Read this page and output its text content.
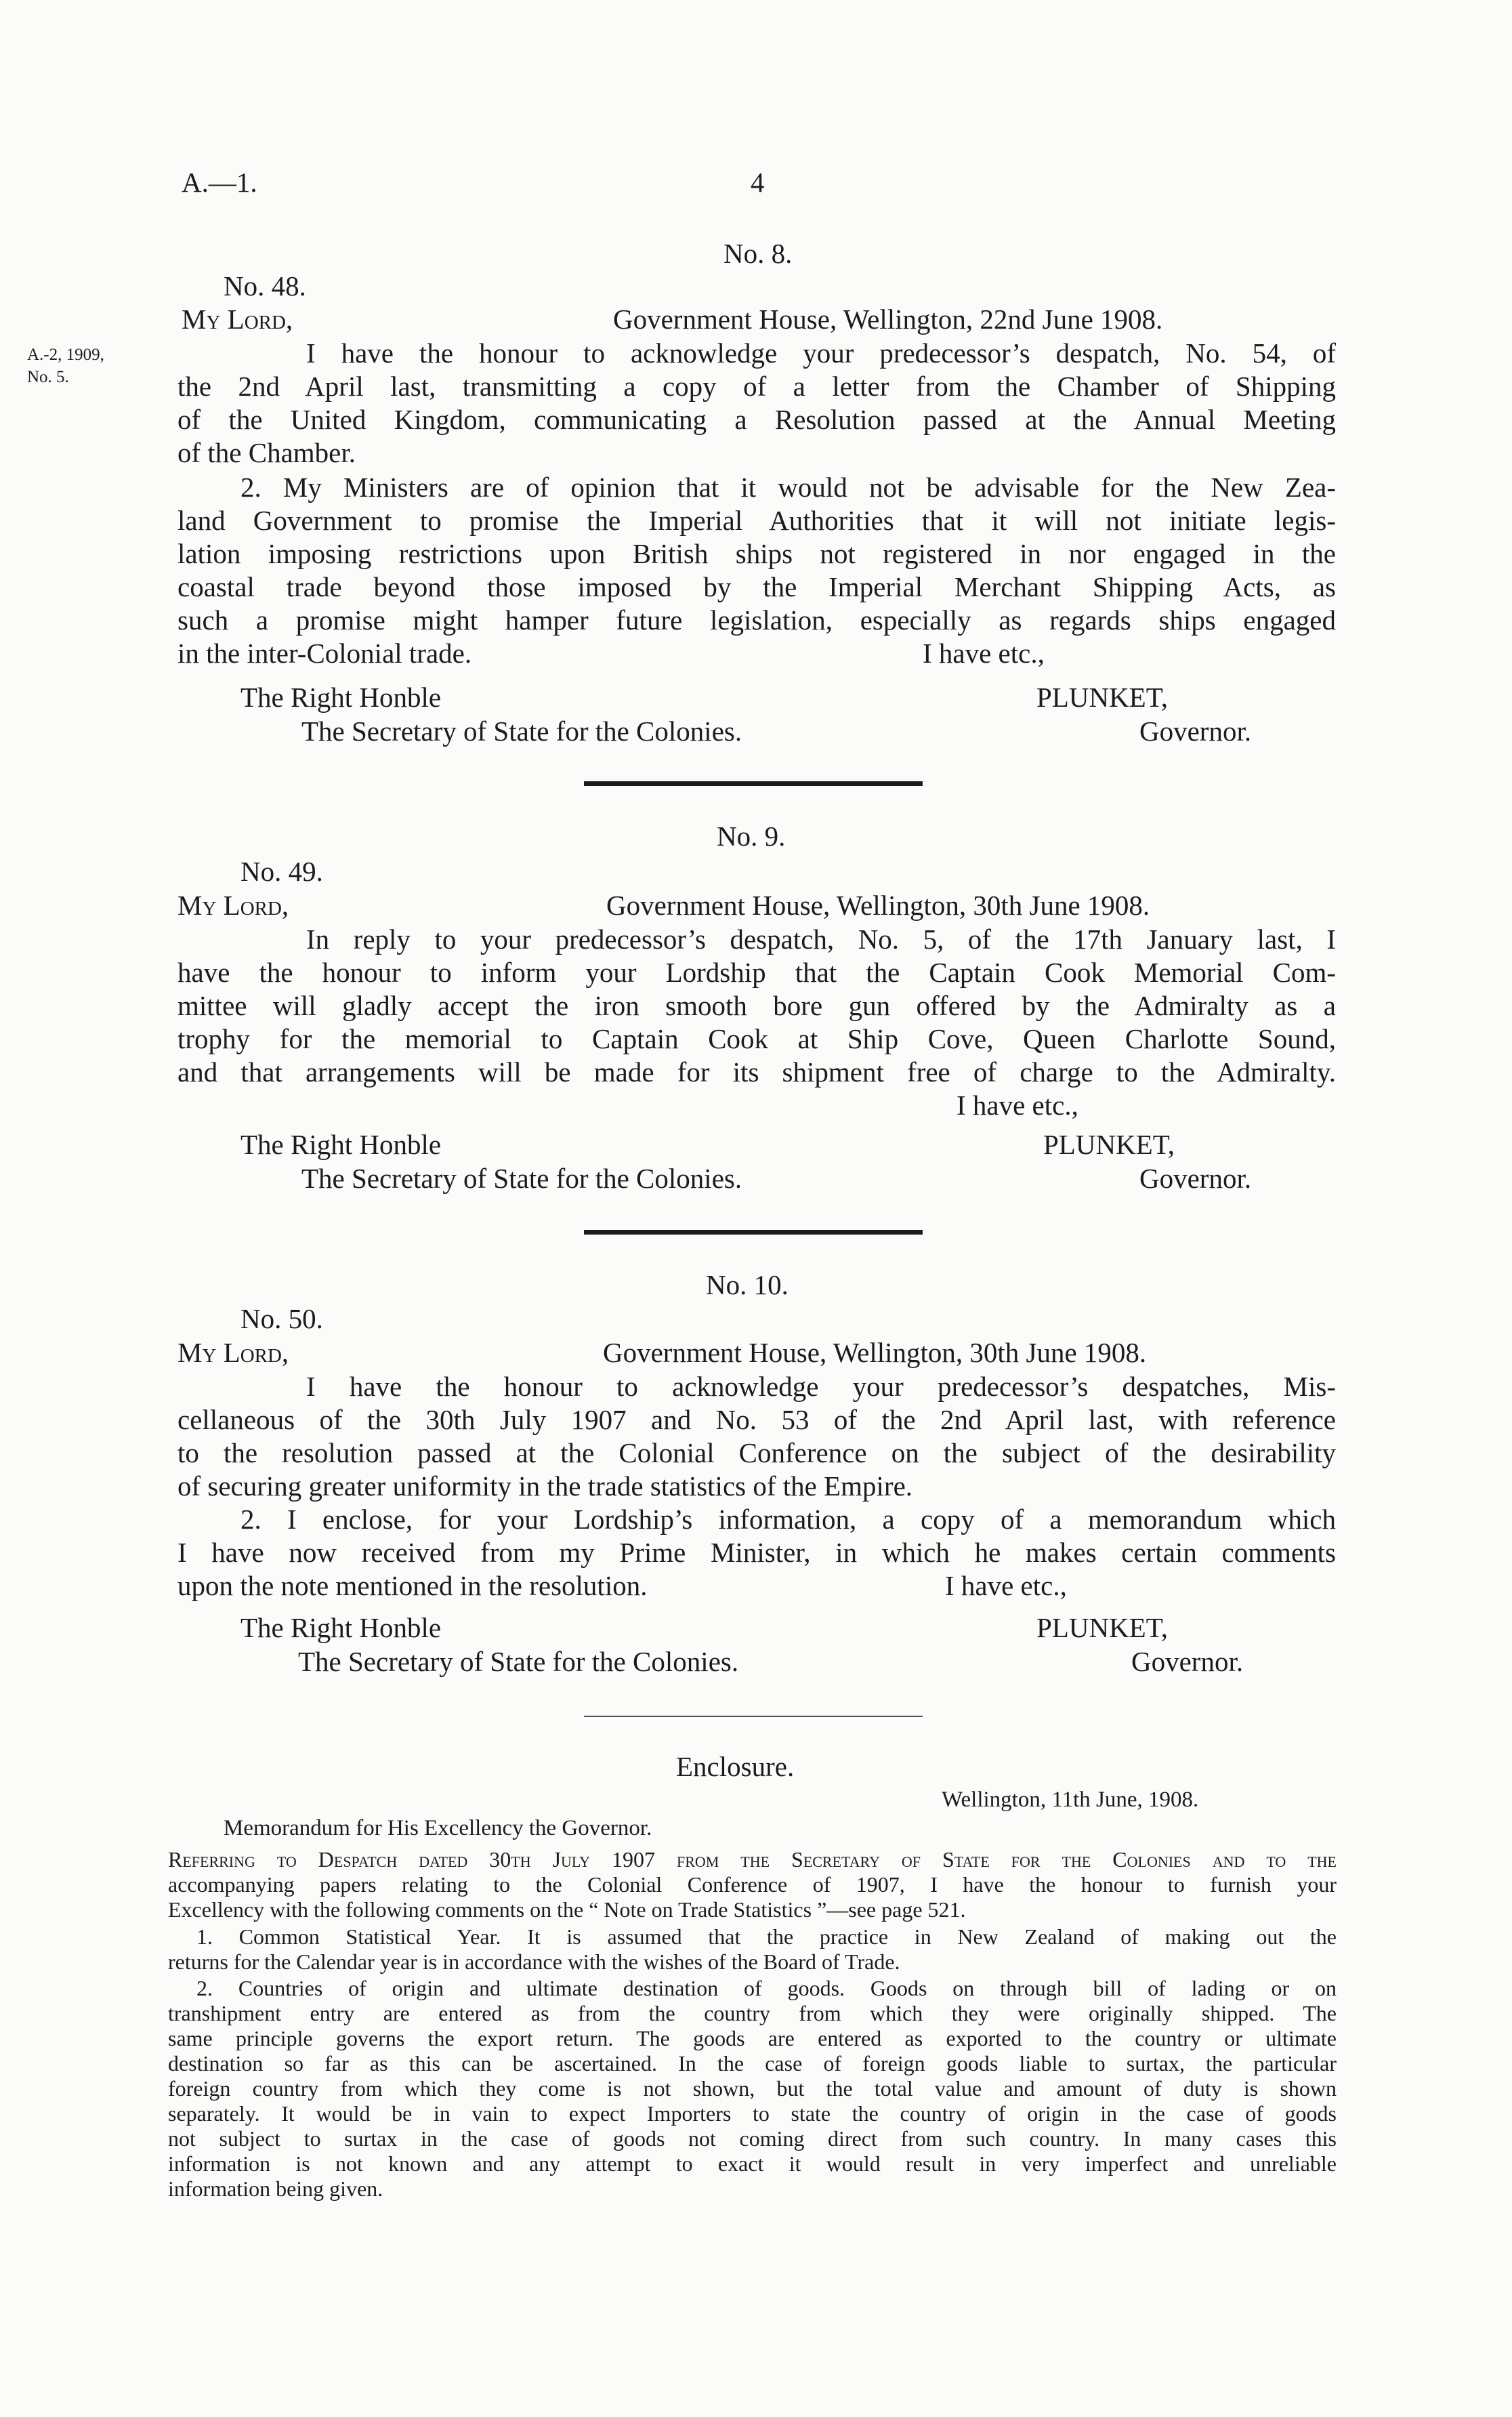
A.—1.	4
A.-2, 1909,
No. 5.
No. 8.
No. 48.
My Lord,	Government House, Wellington, 22nd June 1908.
I have the honour to acknowledge your predecessor’s despatch, No. 54, of
the 2nd April last, transmitting a copy of a letter from the Chamber of Shipping
of the United Kingdom, communicating a Resolution passed at the Annual Meeting
of the Chamber.
2. My Ministers are of opinion that it would not be advisable for the New Zea-
land Government to promise the Imperial Authorities that it will not initiate legis-
lation imposing restrictions upon British ships not registered in nor engaged in the
coastal trade beyond those imposed by the Imperial Merchant Shipping Acts, as
such a promise might hamper future legislation, especially as regards ships engaged
in the inter-Colonial trade.	I have etc.,
The Right Honble	PLUNKET,
The Secretary of State for the Colonies.	Governor.
No. 9.
No. 49.
My Lord,	Government House, Wellington, 30th June 1908.
In reply to your predecessor’s despatch, No. 5, of the 17th January last, I
have the honour to inform your Lordship that the Captain Cook Memorial Com-
mittee will gladly accept the iron smooth bore gun offered by the Admiralty as a
trophy for the memorial to Captain Cook at Ship Cove, Queen Charlotte Sound,
and that arrangements will be made for its shipment free of charge to the Admiralty.
I have etc.,
The Right Honble	PLUNKET,
The Secretary of State for the Colonies.	Governor.
No. 10.
No. 50.
My Lord,	Government House, Wellington, 30th June 1908.
I have the honour to acknowledge your predecessor’s despatches, Mis-
cellaneous of the 30th July 1907 and No. 53 of the 2nd April last, with reference
to the resolution passed at the Colonial Conference on the subject of the desirability
of securing greater uniformity in the trade statistics of the Empire.
2. I enclose, for your Lordship’s information, a copy of a memorandum which
I have now received from my Prime Minister, in which he makes certain comments
upon the note mentioned in the resolution.	I have etc.,
The Right Honble	PLUNKET,
The Secretary of State for the Colonies.	Governor.
Enclosure.
Wellington, 11th June, 1908.
Memorandum for His Excellency the Governor.
Referring to Despatch dated 30th July 1907 from the Secretary of State for the Colonies and to the
accompanying papers relating to the Colonial Conference of 1907, I have the honour to furnish your
Excellency with the following comments on the “ Note on Trade Statistics ”—see page 521.
1. Common Statistical Year. It is assumed that the practice in New Zealand of making out the
returns for the Calendar year is in accordance with the wishes of the Board of Trade.
2. Countries of origin and ultimate destination of goods. Goods on through bill of lading or on
transhipment entry are entered as from the country from which they were originally shipped. The
same principle governs the export return. The goods are entered as exported to the country or ultimate
destination so far as this can be ascertained. In the case of foreign goods liable to surtax, the particular
foreign country from which they come is not shown, but the total value and amount of duty is shown
separately. It would be in vain to expect Importers to state the country of origin in the case of goods
not subject to surtax in the case of goods not coming direct from such country. In many cases this
information is not known and any attempt to exact it would result in very imperfect and unreliable
information being given.
